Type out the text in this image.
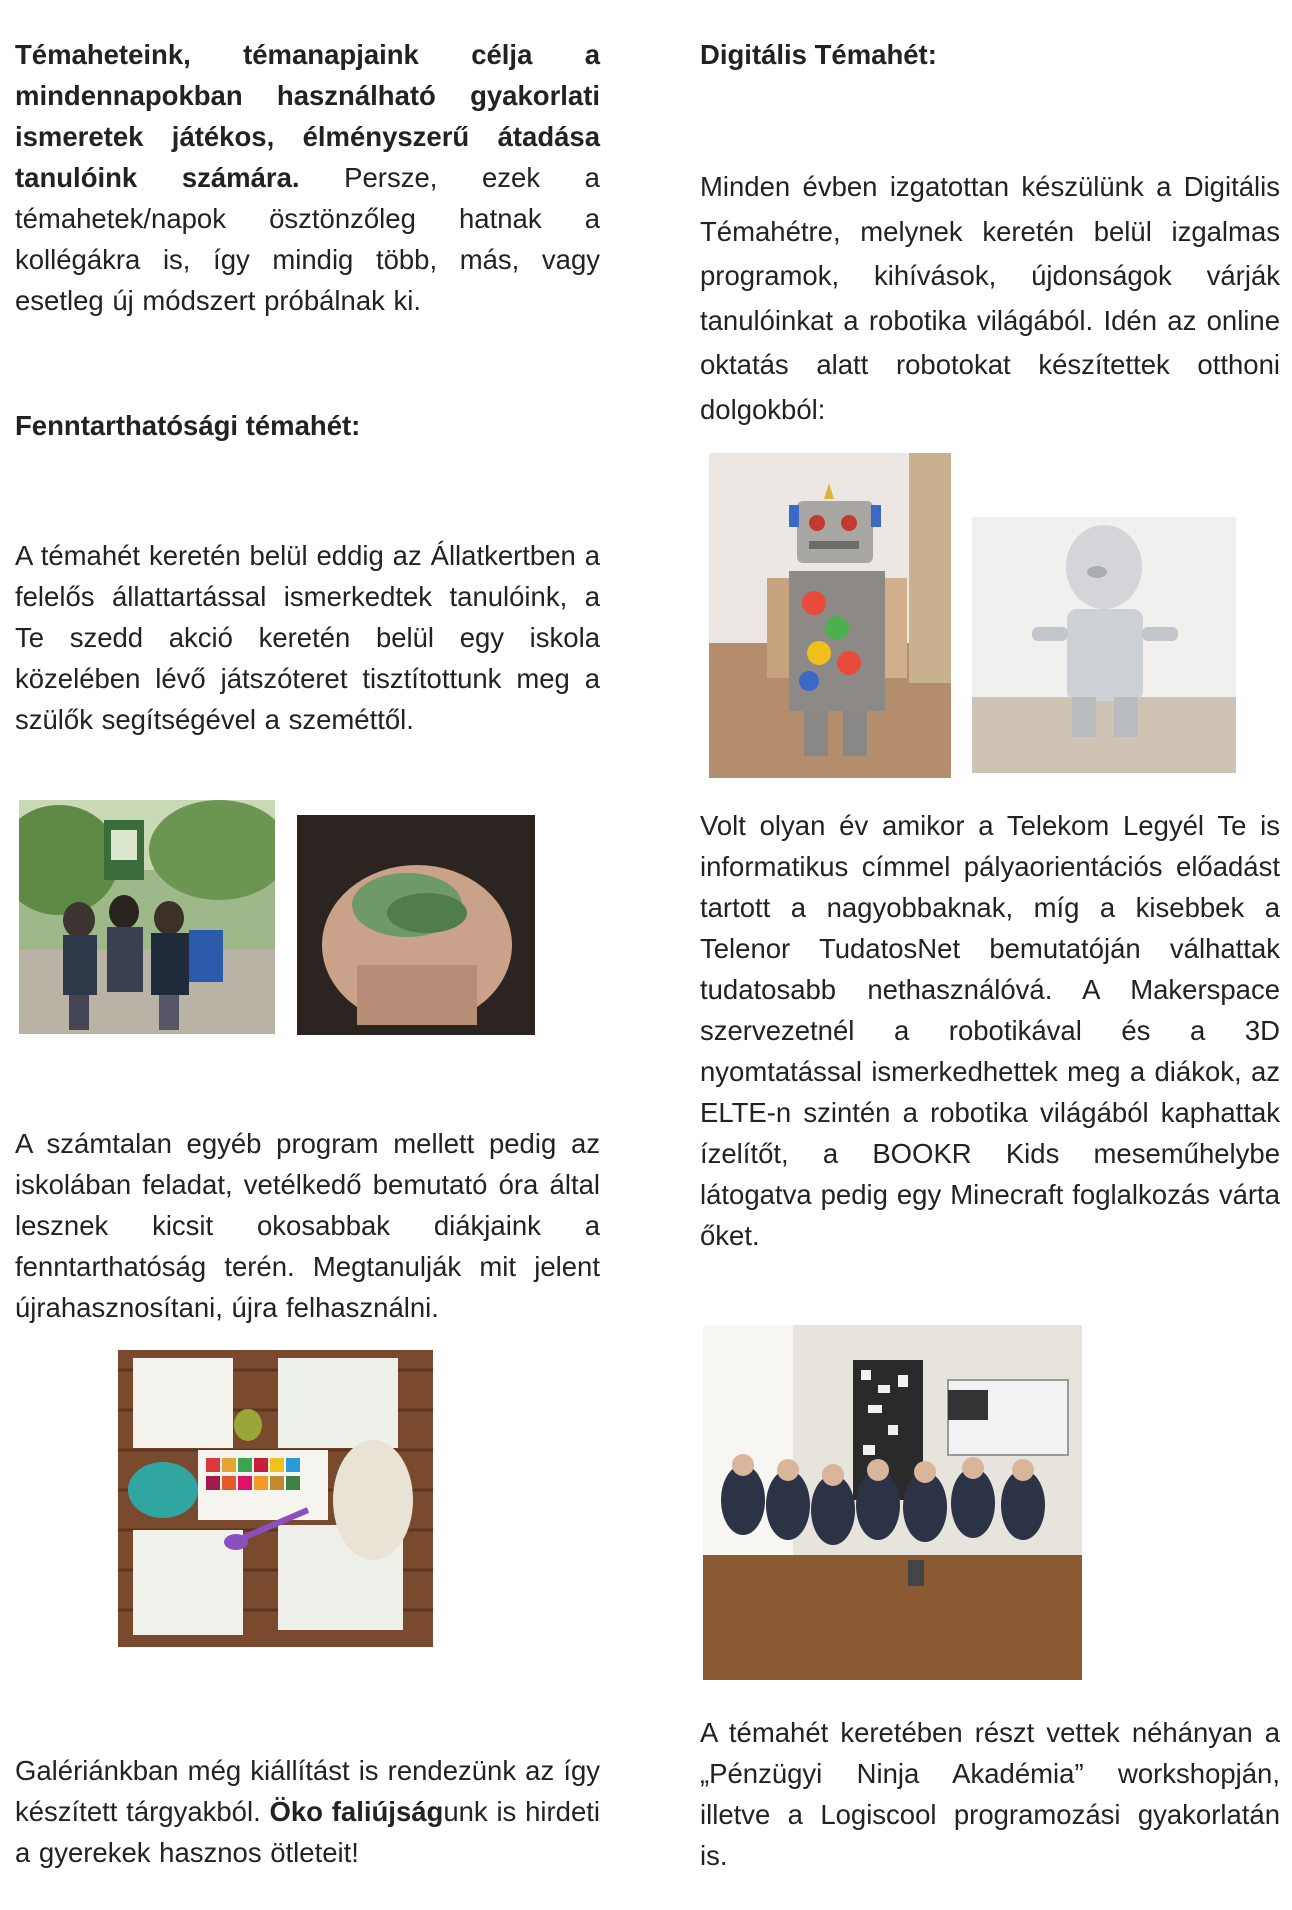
Témaheteink, témanapjaink célja a mindennapokban használható gyakorlati ismeretek játékos, élményszerű átadása tanulóink számára. Persze, ezek a témahetek/napok ösztönzőleg hatnak a kollégákra is, így mindig több, más, vagy esetleg új módszert próbálnak ki.

Fenntarthatósági témahét:

A témahét keretén belül eddig az Állatkertben a felelős állattartással ismerkedtek tanulóink, a Te szedd akció keretén belül egy iskola közelében lévő játszóteret tisztítottunk meg a szülők segítségével a szeméttől.

A számtalan egyéb program mellett pedig az iskolában feladat, vetélkedő bemutató óra által lesznek kicsit okosabbak diákjaink a fenntarthatóság terén. Megtanulják mit jelent újrahasznosítani, újra felhasználni.

Galériánkban még kiállítást is rendezünk az így készített tárgyakból. Öko faliújságunk is hirdeti a gyerekek hasznos ötleteit!

Digitális Témahét:

Minden évben izgatottan készülünk a Digitális Témahétre, melynek keretén belül izgalmas programok, kihívások, újdonságok várják tanulóinkat a robotika világából. Idén az online oktatás alatt robotokat készítettek otthoni dolgokból:

Volt olyan év amikor a Telekom Legyél Te is informatikus címmel pályaorientációs előadást tartott a nagyobbaknak, míg a kisebbek a Telenor TudatosNet bemutatóján válhattak tudatosabb nethasználóvá. A Makerspace szervezetnél a robotikával és a 3D nyomtatással ismerkedhettek meg a diákok, az ELTE-n szintén a robotika világából kaphattak ízelítőt, a BOOKR Kids meseműhelybe látogatva pedig egy Minecraft foglalkozás várta őket.

A témahét keretében részt vettek néhányan a „Pénzügyi Ninja Akadémia” workshopján, illetve a Logiscool programozási gyakorlatán is.
